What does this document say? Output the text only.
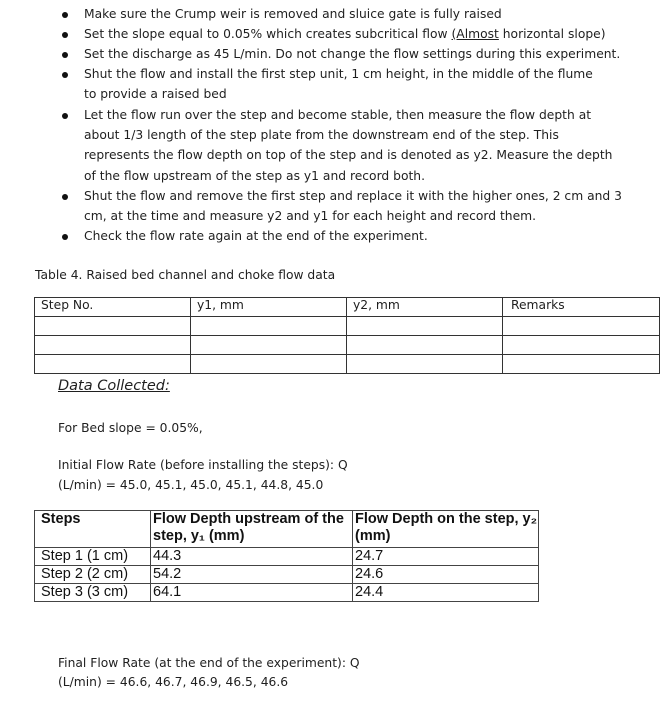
Make sure the Crump weir is removed and sluice gate is fully raised
Set the slope equal to 0.05% which creates subcritical flow (Almost horizontal slope)
Set the discharge as 45 L/min. Do not change the flow settings during this experiment.
Shut the flow and install the first step unit, 1 cm height, in the middle of the flume to provide a raised bed
Let the flow run over the step and become stable, then measure the flow depth at about 1/3 length of the step plate from the downstream end of the step. This represents the flow depth on top of the step and is denoted as y2. Measure the depth of the flow upstream of the step as y1 and record both.
Shut the flow and remove the first step and replace it with the higher ones, 2 cm and 3 cm, at the time and measure y2 and y1 for each height and record them.
Check the flow rate again at the end of the experiment.
Table 4. Raised bed channel and choke flow data
Step No.	y1, mm	y2, mm	Remarks

Data Collected:
For Bed slope = 0.05%,
Initial Flow Rate (before installing the steps): Q
(L/min) = 45.0, 45.1, 45.0, 45.1, 44.8, 45.0
Steps	Flow Depth upstream of the step, y₁ (mm)	Flow Depth on the step, y₂ (mm)
Step 1 (1 cm)	44.3	24.7
Step 2 (2 cm)	54.2	24.6
Step 3 (3 cm)	64.1	24.4
Final Flow Rate (at the end of the experiment): Q
(L/min) = 46.6, 46.7, 46.9, 46.5, 46.6
